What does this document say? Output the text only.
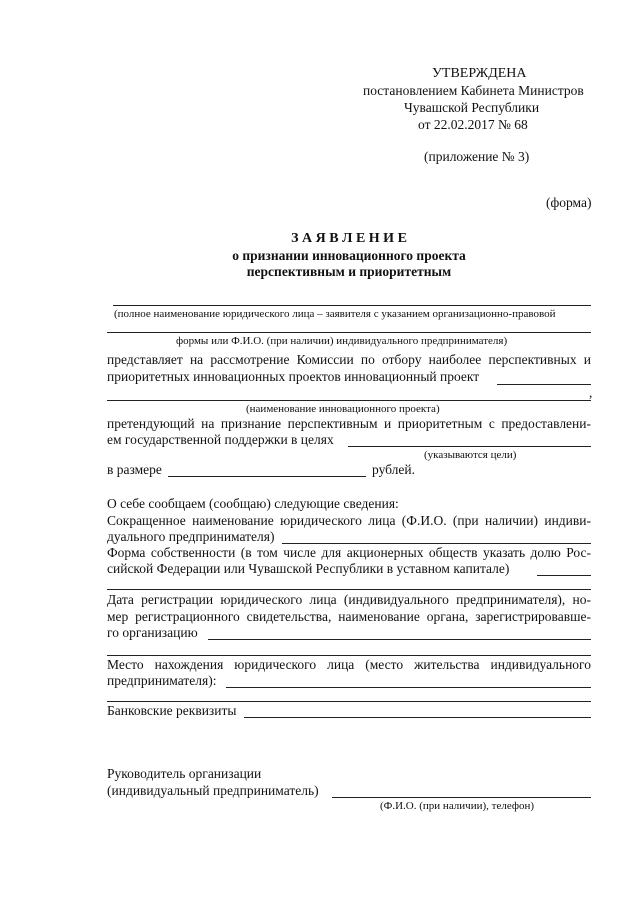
УТВЕРЖДЕНА
постановлением Кабинета Министров
Чувашской Республики
от 22.02.2017 № 68
(приложение № 3)
(форма)
З А Я В Л Е Н И Е
о признании инновационного проекта
перспективным и приоритетным
(полное наименование юридического лица – заявителя с указанием организационно-правовой
формы или Ф.И.О. (при наличии) индивидуального предпринимателя)
представляет на рассмотрение Комиссии по отбору наиболее перспективных и
приоритетных инновационных проектов инновационный проект
,
(наименование инновационного проекта)
претендующий на признание перспективным и приоритетным с предоставлени-
ем государственной поддержки в целях
(указываются цели)
в размере	рублей.
О себе сообщаем (сообщаю) следующие сведения:
Сокращенное наименование юридического лица (Ф.И.О. (при наличии) индиви-
дуального предпринимателя)
Форма собственности (в том числе для акционерных обществ указать долю Рос-
сийской Федерации или Чувашской Республики в уставном капитале)
Дата регистрации юридического лица (индивидуального предпринимателя), но-
мер регистрационного свидетельства, наименование органа, зарегистрировавше-
го организацию
Место нахождения юридического лица (место жительства индивидуального
предпринимателя):
Банковские реквизиты
Руководитель организации
(индивидуальный предприниматель)
(Ф.И.О. (при наличии), телефон)
